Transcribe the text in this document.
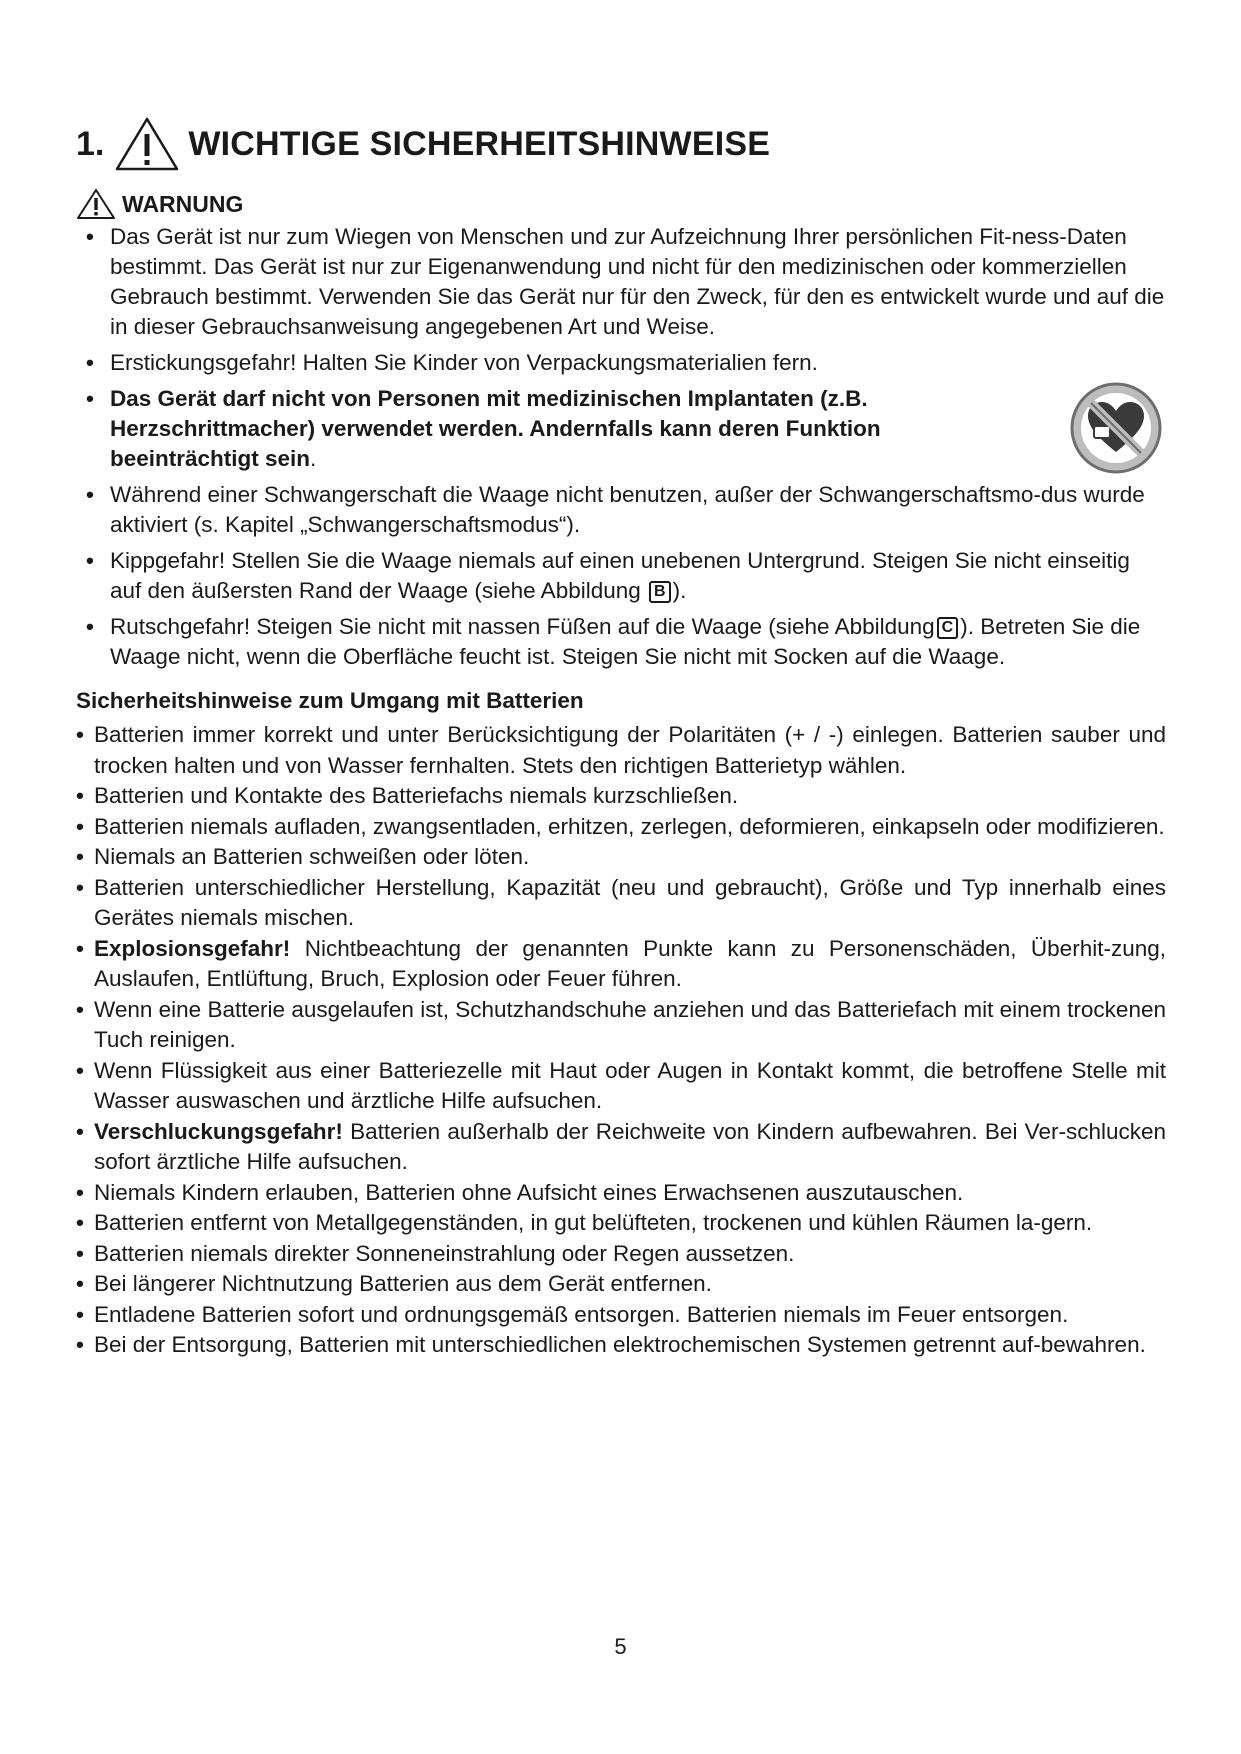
1. WICHTIGE SICHERHEITSHINWEISE
WARNUNG
• Das Gerät ist nur zum Wiegen von Menschen und zur Aufzeichnung Ihrer persönlichen Fit-ness-Daten bestimmt. Das Gerät ist nur zur Eigenanwendung und nicht für den medizinischen oder kommerziellen Gebrauch bestimmt. Verwenden Sie das Gerät nur für den Zweck, für den es entwickelt wurde und auf die in dieser Gebrauchsanweisung angegebenen Art und Weise.
• Erstickungsgefahr! Halten Sie Kinder von Verpackungsmaterialien fern.
• Das Gerät darf nicht von Personen mit medizinischen Implantaten (z.B. Herzschrittmacher) verwendet werden. Andernfalls kann deren Funktion beeinträchtigt sein.
• Während einer Schwangerschaft die Waage nicht benutzen, außer der Schwangerschaftsmo-dus wurde aktiviert (s. Kapitel „Schwangerschaftsmodus“).
• Kippgefahr! Stellen Sie die Waage niemals auf einen unebenen Untergrund. Steigen Sie nicht einseitig auf den äußersten Rand der Waage (siehe Abbildung B ).
• Rutschgefahr! Steigen Sie nicht mit nassen Füßen auf die Waage (siehe Abbildung C ). Betreten Sie die Waage nicht, wenn die Oberfläche feucht ist. Steigen Sie nicht mit Socken auf die Waage.
Sicherheitshinweise zum Umgang mit Batterien
• Batterien immer korrekt und unter Berücksichtigung der Polaritäten (+ / -) einlegen. Batterien sauber und trocken halten und von Wasser fernhalten. Stets den richtigen Batterietyp wählen.
• Batterien und Kontakte des Batteriefachs niemals kurzschließen.
• Batterien niemals aufladen, zwangsentladen, erhitzen, zerlegen, deformieren, einkapseln oder modifizieren.
• Niemals an Batterien schweißen oder löten.
• Batterien unterschiedlicher Herstellung, Kapazität (neu und gebraucht), Größe und Typ innerhalb eines Gerätes niemals mischen.
• Explosionsgefahr! Nichtbeachtung der genannten Punkte kann zu Personenschäden, Überhit-zung, Auslaufen, Entlüftung, Bruch, Explosion oder Feuer führen.
• Wenn eine Batterie ausgelaufen ist, Schutzhandschuhe anziehen und das Batteriefach mit einem trockenen Tuch reinigen.
• Wenn Flüssigkeit aus einer Batteriezelle mit Haut oder Augen in Kontakt kommt, die betroffene Stelle mit Wasser auswaschen und ärztliche Hilfe aufsuchen.
• Verschluckungsgefahr! Batterien außerhalb der Reichweite von Kindern aufbewahren. Bei Ver-schlucken sofort ärztliche Hilfe aufsuchen.
• Niemals Kindern erlauben, Batterien ohne Aufsicht eines Erwachsenen auszutauschen.
• Batterien entfernt von Metallgegenständen, in gut belüfteten, trockenen und kühlen Räumen la-gern.
• Batterien niemals direkter Sonneneinstrahlung oder Regen aussetzen.
• Bei längerer Nichtnutzung Batterien aus dem Gerät entfernen.
• Entladene Batterien sofort und ordnungsgemäß entsorgen. Batterien niemals im Feuer entsorgen.
• Bei der Entsorgung, Batterien mit unterschiedlichen elektrochemischen Systemen getrennt auf-bewahren.
5
